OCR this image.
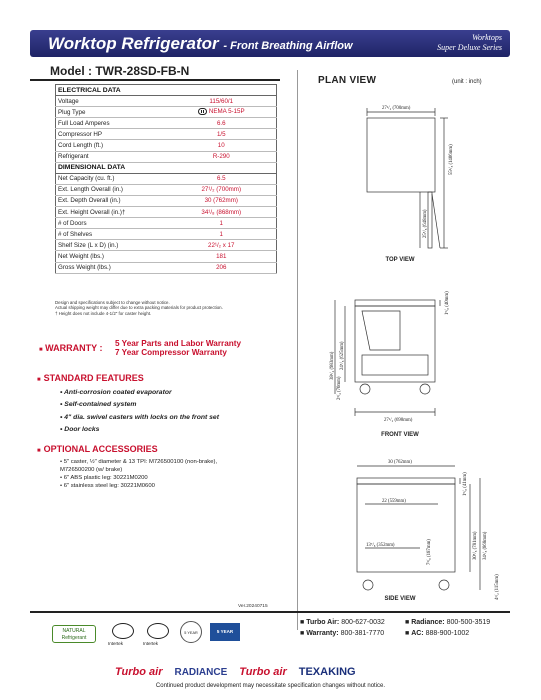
Worktop Refrigerator - Front Breathing Airflow
Worktops
Super Deluxe Series
Model : TWR-28SD-FB-N
ELECTRICAL DATA	
Voltage	115/60/1
Plug Type	NEMA 5-15P

Full Load Amperes	6.6
Compressor HP	1/5
Cord Length (ft.)	10
Refrigerant	R-290
DIMENSIONAL DATA	
Net Capacity (cu. ft.)	6.5
Ext. Length Overall (in.)	27¹/₂ (700mm)
Ext. Depth Overall (in.)	30 (762mm)
Ext. Height Overall (in.)†	34¹/₈ (868mm)
# of Doors	1
# of Shelves	1
Shelf Size (L x D) (in.)	22¹/₂ x 17
Net Weight (lbs.)	181
Gross Weight (lbs.)	206
Design and specifications subject to change without notice.
Actual shipping weight may differ due to extra packing materials for product protection.
† Height does not include 4-1/2" for caster height.
■ WARRANTY : 5 Year Parts and Labor Warranty
7 Year Compressor Warranty
■ STANDARD FEATURES
• Anti-corrosion coated evaporator
• Self-contained system
• 4" dia. swivel casters with locks on the front set
• Door locks
■ OPTIONAL ACCESSORIES
• 5" caster, ½" diameter & 13 TPI: M726500100 (non-brake), M726500200 (w/ brake)
• 6" ABS plastic leg: 30221M0200
• 6" stainless steel leg: 30221M0600
Ver.20240715
PLAN VIEW	(unit : inch)
27¹/₂ (700mm)
55³/₈ (1406mm)
25⁵/₈ (648mm)
27¹/₂ (698mm)
38¹/₄ (983mm) 24⁵/₈ (625mm)
2³/₄ (70mm)
1⁵/₈ (40mm)
30 (762mm)
22 (559mm)
13⁷/₈ (352mm)	7³/₈ (187mm)
1⁵/₈ (41mm)
30⁵/₈ (781mm) 34¹/₈ (868mm)
4¹/₂ (115mm)
TOP VIEW
FRONT VIEW
SIDE VIEW
NATURAL
Refrigerant
Intertek	Intertek
5 YEAR	5 YEAR
■ Turbo Air: 800-627-0032	■ Radiance: 800-500-3519
■ Warranty: 800-381-7770	■ AC: 888-900-1002
Turbo air RADIANCE Turbo air TEXAKING
Continued product development may necessitate specification changes without notice.
